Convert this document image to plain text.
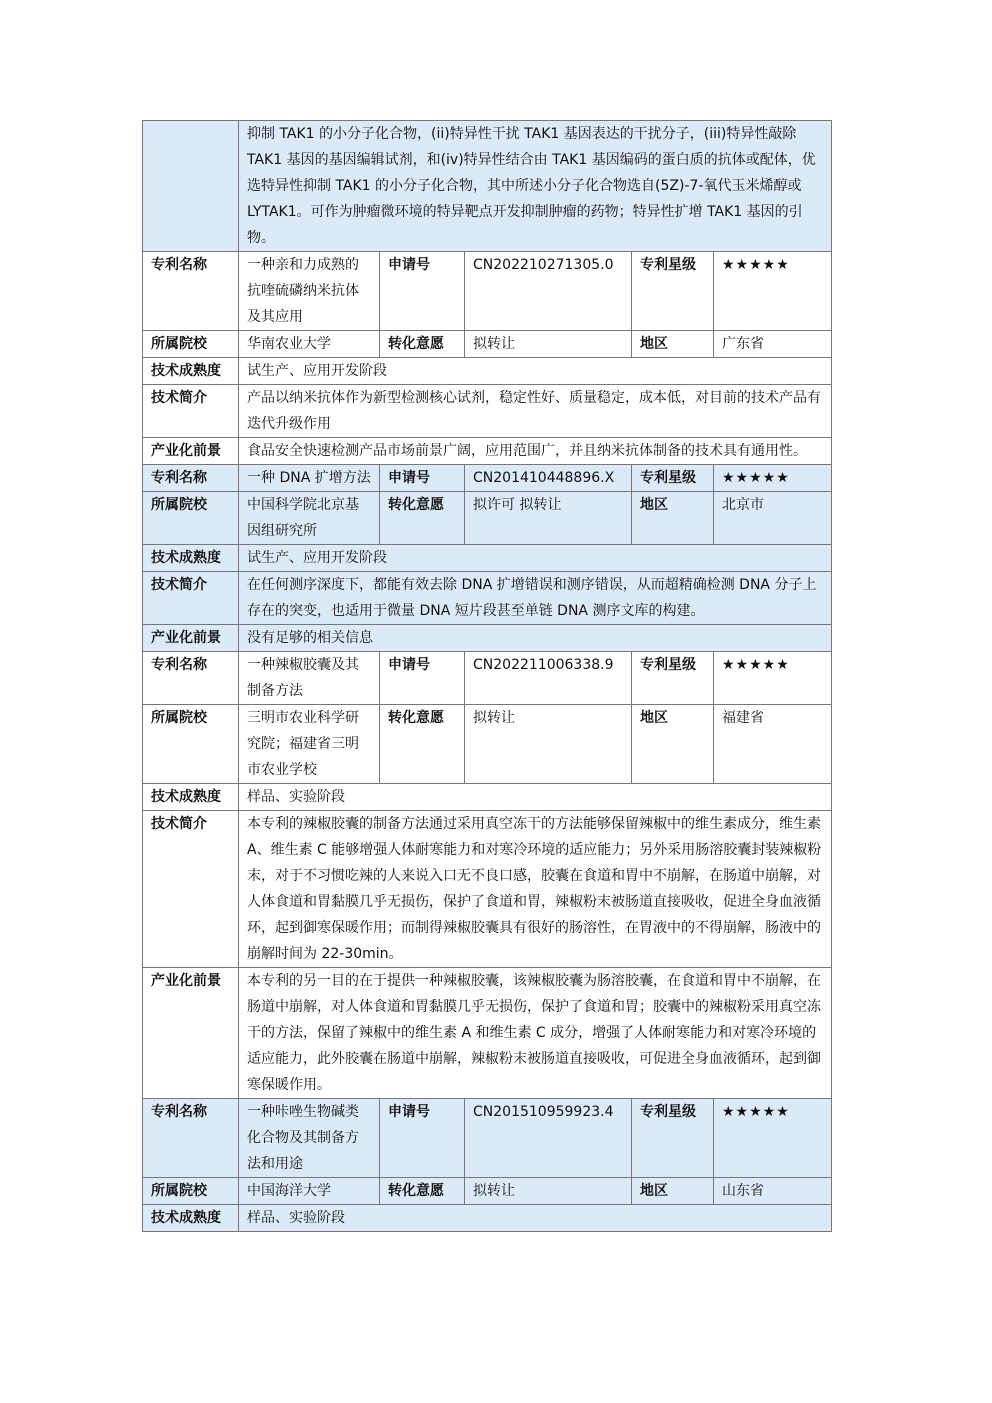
	抑制 TAK1 的小分子化合物，(ii)特异性干扰 TAK1 基因表达的干扰分子，(iii)特异性敲除 TAK1 基因的基因编辑试剂，和(iv)特异性结合由 TAK1 基因编码的蛋白质的抗体或配体，优选特异性抑制 TAK1 的小分子化合物，其中所述小分子化合物选自(5Z)-7-氧代玉米烯醇或 LYTAK1。可作为肿瘤微环境的特异靶点开发抑制肿瘤的药物；特异性扩增 TAK1 基因的引物。				
专利名称	一种亲和力成熟的抗喹硫磷纳米抗体及其应用	申请号	CN202210271305.0	专利星级	★★★★★
所属院校	华南农业大学	转化意愿	拟转让	地区	广东省
技术成熟度	试生产、应用开发阶段				
技术简介	产品以纳米抗体作为新型检测核心试剂，稳定性好、质量稳定，成本低，对目前的技术产品有迭代升级作用				
产业化前景	食品安全快速检测产品市场前景广阔，应用范围广，并且纳米抗体制备的技术具有通用性。				
专利名称	一种 DNA 扩增方法	申请号	CN201410448896.X	专利星级	★★★★★
所属院校	中国科学院北京基因组研究所	转化意愿	拟许可 拟转让	地区	北京市
技术成熟度	试生产、应用开发阶段				
技术简介	在任何测序深度下，都能有效去除 DNA 扩增错误和测序错误，从而超精确检测 DNA 分子上存在的突变，也适用于微量 DNA 短片段甚至单链 DNA 测序文库的构建。				
产业化前景	没有足够的相关信息				
专利名称	一种辣椒胶囊及其制备方法	申请号	CN202211006338.9	专利星级	★★★★★
所属院校	三明市农业科学研究院；福建省三明市农业学校	转化意愿	拟转让	地区	福建省
技术成熟度	样品、实验阶段				
技术简介	本专利的辣椒胶囊的制备方法通过采用真空冻干的方法能够保留辣椒中的维生素成分，维生素 A、维生素 C 能够增强人体耐寒能力和对寒冷环境的适应能力；另外采用肠溶胶囊封装辣椒粉末，对于不习惯吃辣的人来说入口无不良口感，胶囊在食道和胃中不崩解，在肠道中崩解，对人体食道和胃黏膜几乎无损伤，保护了食道和胃，辣椒粉末被肠道直接吸收，促进全身血液循环，起到御寒保暖作用；而制得辣椒胶囊具有很好的肠溶性，在胃液中的不得崩解，肠液中的崩解时间为 22-30min。				
产业化前景	本专利的另一目的在于提供一种辣椒胶囊，该辣椒胶囊为肠溶胶囊，在食道和胃中不崩解，在肠道中崩解，对人体食道和胃黏膜几乎无损伤，保护了食道和胃；胶囊中的辣椒粉采用真空冻干的方法，保留了辣椒中的维生素 A 和维生素 C 成分，增强了人体耐寒能力和对寒冷环境的适应能力，此外胶囊在肠道中崩解，辣椒粉末被肠道直接吸收，可促进全身血液循环，起到御寒保暖作用。				
专利名称	一种咔唑生物碱类化合物及其制备方法和用途	申请号	CN201510959923.4	专利星级	★★★★★
所属院校	中国海洋大学	转化意愿	拟转让	地区	山东省
技术成熟度	样品、实验阶段				
